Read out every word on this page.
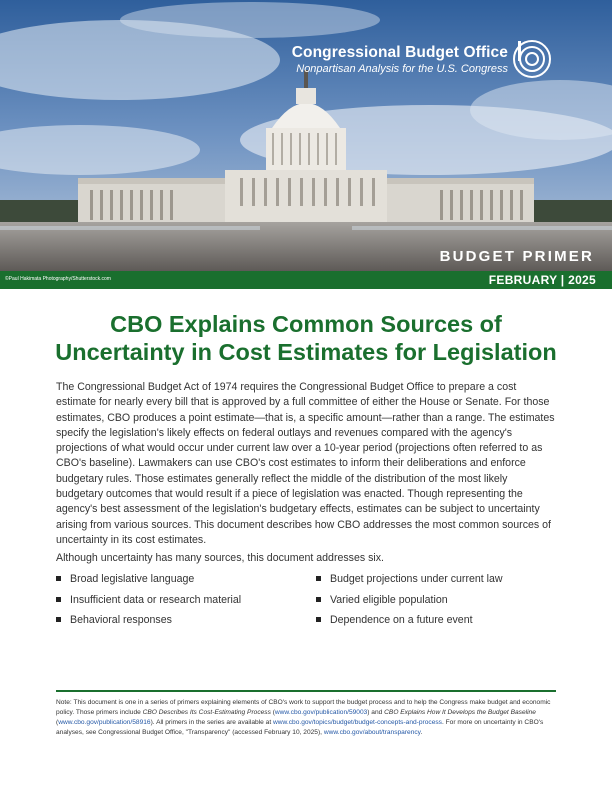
Congressional Budget Office
Nonpartisan Analysis for the U.S. Congress
BUDGET PRIMER
©Paul Hakimata Photography/Shutterstock.com	FEBRUARY | 2025
CBO Explains Common Sources of
Uncertainty in Cost Estimates for Legislation

The Congressional Budget Act of 1974 requires the Congressional Budget Office to prepare a cost estimate for nearly every bill that is approved by a full committee of either the House or Senate. For those estimates, CBO produces a point estimate—that is, a specific amount—rather than a range. The estimates specify the legislation's likely effects on federal outlays and revenues compared with the agency's projections of what would occur under current law over a 10-year period (projections often referred to as CBO's baseline). Lawmakers can use CBO's cost estimates to inform their deliberations and enforce budgetary rules. Those estimates generally reflect the middle of the distribution of the most likely budgetary outcomes that would result if a piece of legislation was enacted. Though representing the agency's best assessment of the legislation's budgetary effects, estimates can be subject to uncertainty arising from various sources. This document describes how CBO addresses the most common sources of uncertainty in its cost estimates.

Although uncertainty has many sources, this document addresses six.
Broad legislative language
Insufficient data or research material
Behavioral responses
Budget projections under current law
Varied eligible population
Dependence on a future event

Note: This document is one in a series of primers explaining elements of CBO's work to support the budget process and to help the Congress make budget and economic policy. Those primers include CBO Describes Its Cost-Estimating Process (www.cbo.gov/publication/59003) and CBO Explains How It Develops the Budget Baseline (www.cbo.gov/publication/58916). All primers in the series are available at www.cbo.gov/topics/budget/budget-concepts-and-process. For more on uncertainty in CBO's analyses, see Congressional Budget Office, "Transparency" (accessed February 10, 2025), www.cbo.gov/about/transparency.
